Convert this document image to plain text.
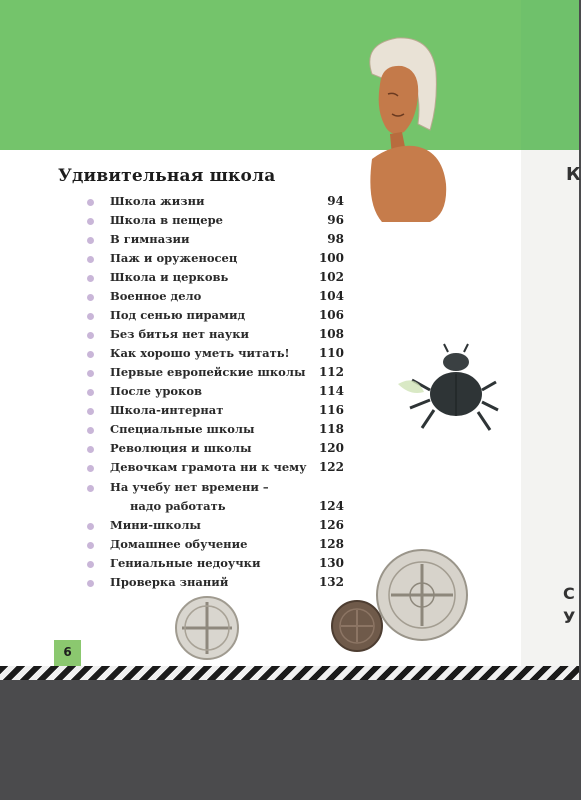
К
С
У
Удивительная школа
Школа жизни	94
Школа в пещере	96
В гимназии	98
Паж и оруженосец	100
Школа и церковь	102
Военное дело	104
Под сенью пирамид	106
Без битья нет науки	108
Как хорошо уметь читать!	110
Первые европейские школы	112
После уроков	114
Школа-интернат	116
Специальные школы	118
Революция и школы	120
Девочкам грамота ни к чему	122
На учебу нет времени –
надо работать	124
Мини-школы	126
Домашнее обучение	128
Гениальные недоучки	130
Проверка знаний	132
6
